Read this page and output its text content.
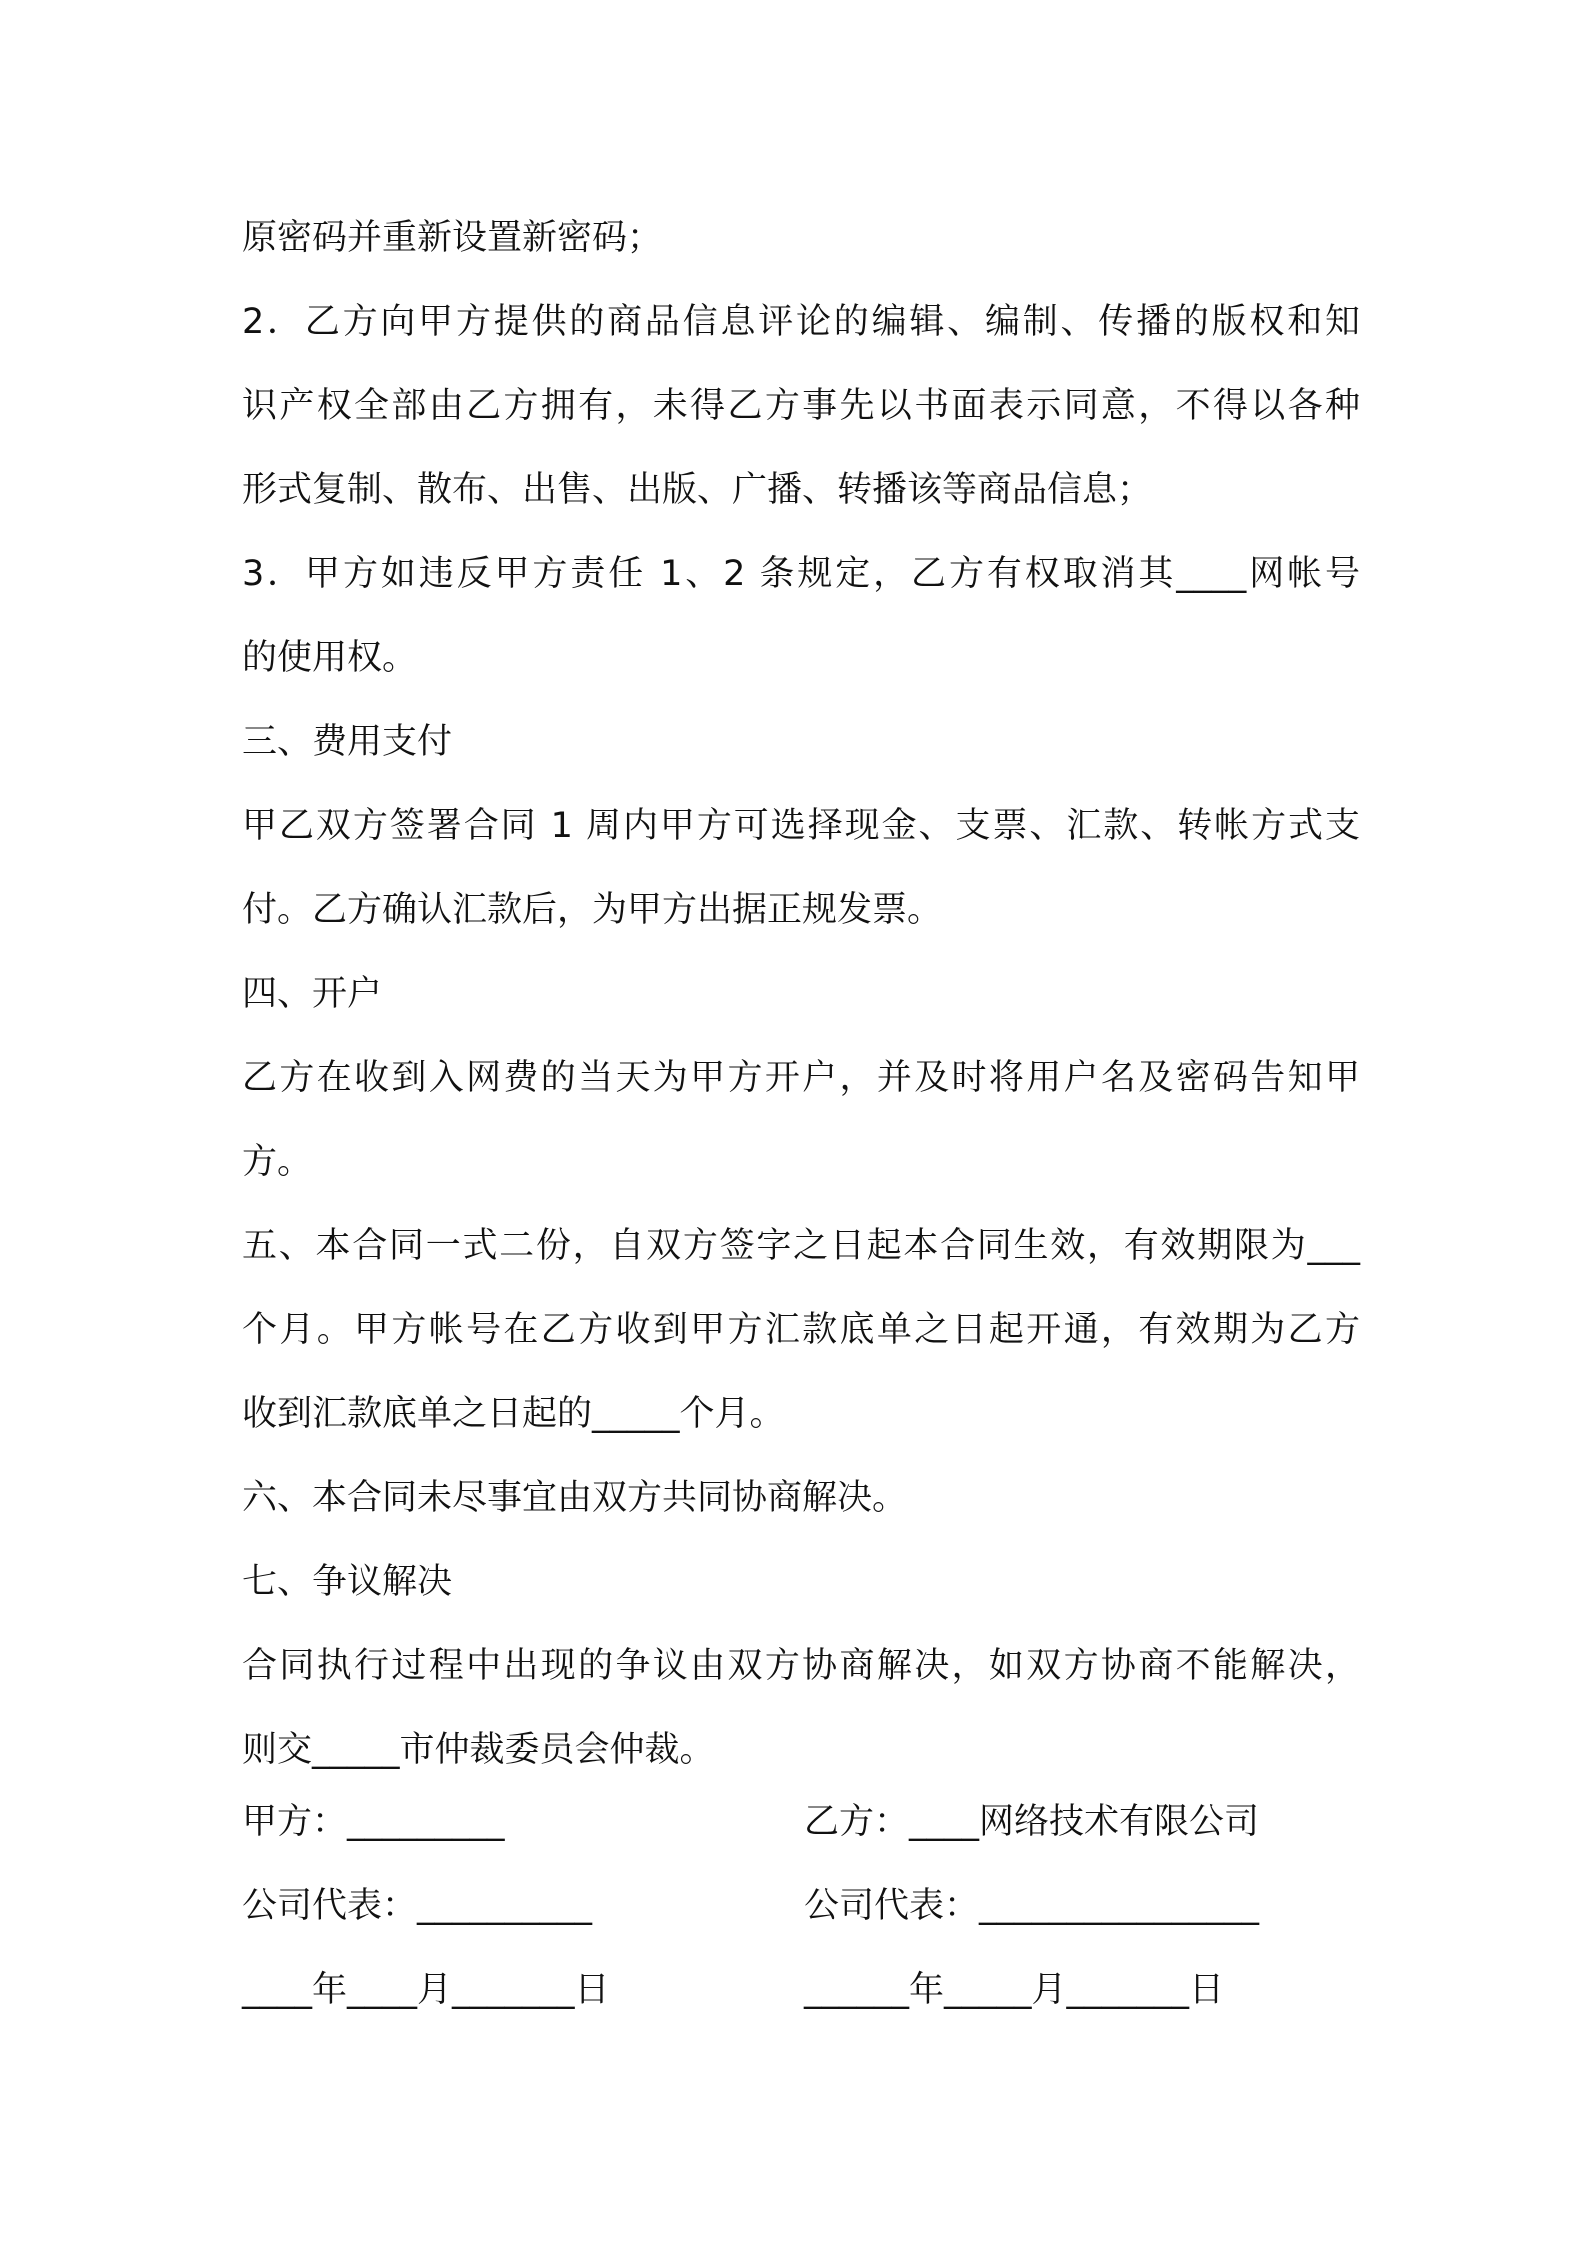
原密码并重新设置新密码；
2．乙方向甲方提供的商品信息评论的编辑、编制、传播的版权和知
识产权全部由乙方拥有，未得乙方事先以书面表示同意，不得以各种
形式复制、散布、出售、出版、广播、转播该等商品信息；
3．甲方如违反甲方责任 1、2 条规定，乙方有权取消其____网帐号
的使用权。
三、费用支付
甲乙双方签署合同 1 周内甲方可选择现金、支票、汇款、转帐方式支
付。乙方确认汇款后，为甲方出据正规发票。
四、开户
乙方在收到入网费的当天为甲方开户，并及时将用户名及密码告知甲
方。
五、本合同一式二份，自双方签字之日起本合同生效，有效期限为___
个月。甲方帐号在乙方收到甲方汇款底单之日起开通，有效期为乙方
收到汇款底单之日起的_____个月。
六、本合同未尽事宜由双方共同协商解决。
七、争议解决
合同执行过程中出现的争议由双方协商解决，如双方协商不能解决，
则交_____市仲裁委员会仲裁。
甲方：_________	乙方：____网络技术有限公司
公司代表：__________	公司代表：________________
____年____月_______日	______年_____月_______日
